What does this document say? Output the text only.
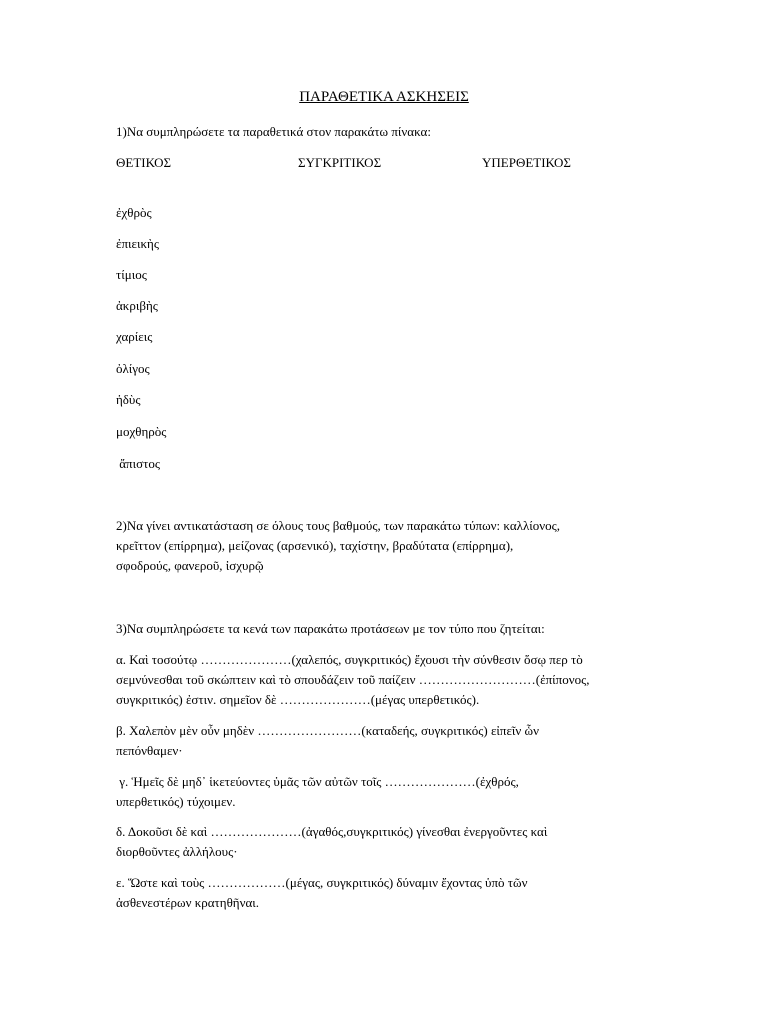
ΠΑΡΑΘΕΤΙΚΑ ΑΣΚΗΣΕΙΣ
1)Να συμπληρώσετε τα παραθετικά στον παρακάτω πίνακα:
ΘΕΤΙΚΟΣ	ΣΥΓΚΡΙΤΙΚΟΣ	ΥΠΕΡΘΕΤΙΚΟΣ
ἐχθρὸς
ἐπιεικὴς
τίμιος
ἀκριβὴς
χαρίεις
ὀλίγος
ἡδὺς
μοχθηρὸς
ἄπιστος
2)Να γίνει αντικατάσταση σε όλους τους βαθμούς, των παρακάτω τύπων: καλλίονος,
κρεῖττον (επίρρημα), μείζονας (αρσενικό), ταχίστην, βραδύτατα (επίρρημα),
σφοδρούς, φανεροῦ, ἰσχυρῷ
3)Να συμπληρώσετε τα κενά των παρακάτω προτάσεων με τον τύπο που ζητείται:
α. Καὶ τοσούτῳ …………………(χαλεπός, συγκριτικός) ἔχουσι τὴν σύνθεσιν ὅσῳ περ τὸ
σεμνύνεσθαι τοῦ σκώπτειν καὶ τὸ σπουδάζειν τοῦ παίζειν ………………………(ἐπίπονος,
συγκριτικός) ἐστιν. σημεῖον δὲ …………………(μέγας υπερθετικός).
β. Χαλεπὸν μὲν οὖν μηδὲν ……………………(καταδεής, συγκριτικός) εἰπεῖν ὧν
πεπόνθαμεν·
γ. Ἡμεῖς δὲ μηδ᾽ ἱκετεύοντες ὑμᾶς τῶν αὐτῶν τοῖς …………………(ἐχθρός,
υπερθετικός) τύχοιμεν.
δ. Δοκοῦσι δὲ καὶ …………………(ἀγαθός,συγκριτικός) γίνεσθαι ἐνεργοῦντες καὶ
διορθοῦντες ἀλλήλους·
ε. Ὥστε καὶ τοὺς ………………(μέγας, συγκριτικός) δύναμιν ἔχοντας ὑπὸ τῶν
ἀσθενεστέρων κρατηθῆναι.
